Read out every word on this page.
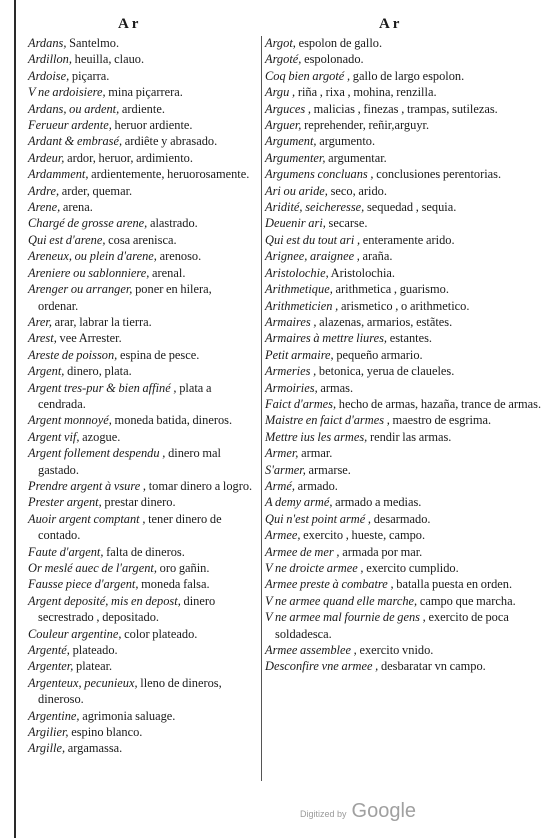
A r	A r
Ardans, Santelmo.
Ardillon, heuilla, clauo.
Ardoise, piçarra.
V ne ardoisiere, mina piçarrera.
Ardans, ou ardent, ardiente.
Ferueur ardente, heruor ardiente.
Ardant & embrasé, ardiête y abrasado.
Ardeur, ardor, heruor, ardimiento.
Ardamment, ardientemente, heruorosamente.
Ardre, arder, quemar.
Arene, arena.
Chargé de grosse arene, alastrado.
Qui est d'arene, cosa arenisca.
Areneux, ou plein d'arene, arenoso.
Areniere ou sablonniere, arenal.
Arenger ou arranger, poner en hilera, ordenar.
Arer, arar, labrar la tierra.
Arest, vee Arrester.
Areste de poisson, espina de pesce.
Argent, dinero, plata.
Argent tres-pur & bien affiné , plata a cendrada.
Argent monnoyé, moneda batida, dineros.
Argent vif, azogue.
Argent follement despendu , dinero mal gastado.
Prendre argent à vsure , tomar dinero a logro.
Prester argent, prestar dinero.
Auoir argent comptant , tener dinero de contado.
Faute d'argent, falta de dineros.
Or meslé auec de l'argent, oro gañin.
Fausse piece d'argent, moneda falsa.
Argent deposité, mis en depost, dinero secrestrado , depositado.
Couleur argentine, color plateado.
Argenté, plateado.
Argenter, platear.
Argenteux, pecunieux, lleno de dineros, dineroso.
Argentine, agrimonia saluage.
Argilier, espino blanco.
Argille, argamassa.
Argot, espolon de gallo.
Argoté, espolonado.
Coq bien argoté , gallo de largo espolon.
Argu , riña , rixa , mohina, renzilla.
Arguces , malicias , finezas , trampas, sutilezas.
Arguer, reprehender, reñir,arguyr.
Argument, argumento.
Argumenter, argumentar.
Argumens concluans , conclusiones perentorias.
Ari ou aride, seco, arido.
Aridité, seicheresse, sequedad , sequia.
Deuenir ari, secarse.
Qui est du tout ari , enteramente arido.
Arignee, araignee , araña.
Aristolochie, Aristolochia.
Arithmetique, arithmetica , guarismo.
Arithmeticien , arismetico , o arithmetico.
Armaires , alazenas, armarios, estãtes.
Armaires à mettre liures, estantes.
Petit armaire, pequeño armario.
Armeries , betonica, yerua de claueles.
Armoiries, armas.
Faict d'armes, hecho de armas, hazaña, trance de armas.
Maistre en faict d'armes , maestro de esgrima.
Mettre ius les armes, rendir las armas.
Armer, armar.
S'armer, armarse.
Armé, armado.
A demy armé, armado a medias.
Qui n'est point armé , desarmado.
Armee, exercito , hueste, campo.
Armee de mer , armada por mar.
V ne droicte armee , exercito cumplido.
Armee preste à combatre , batalla puesta en orden.
V ne armee quand elle marche, campo que marcha.
V ne armee mal fournie de gens , exercito de poca soldadesca.
Armee assemblee , exercito vnido.
Desconfire vne armee , desbaratar vn campo.
Digitized by Google
